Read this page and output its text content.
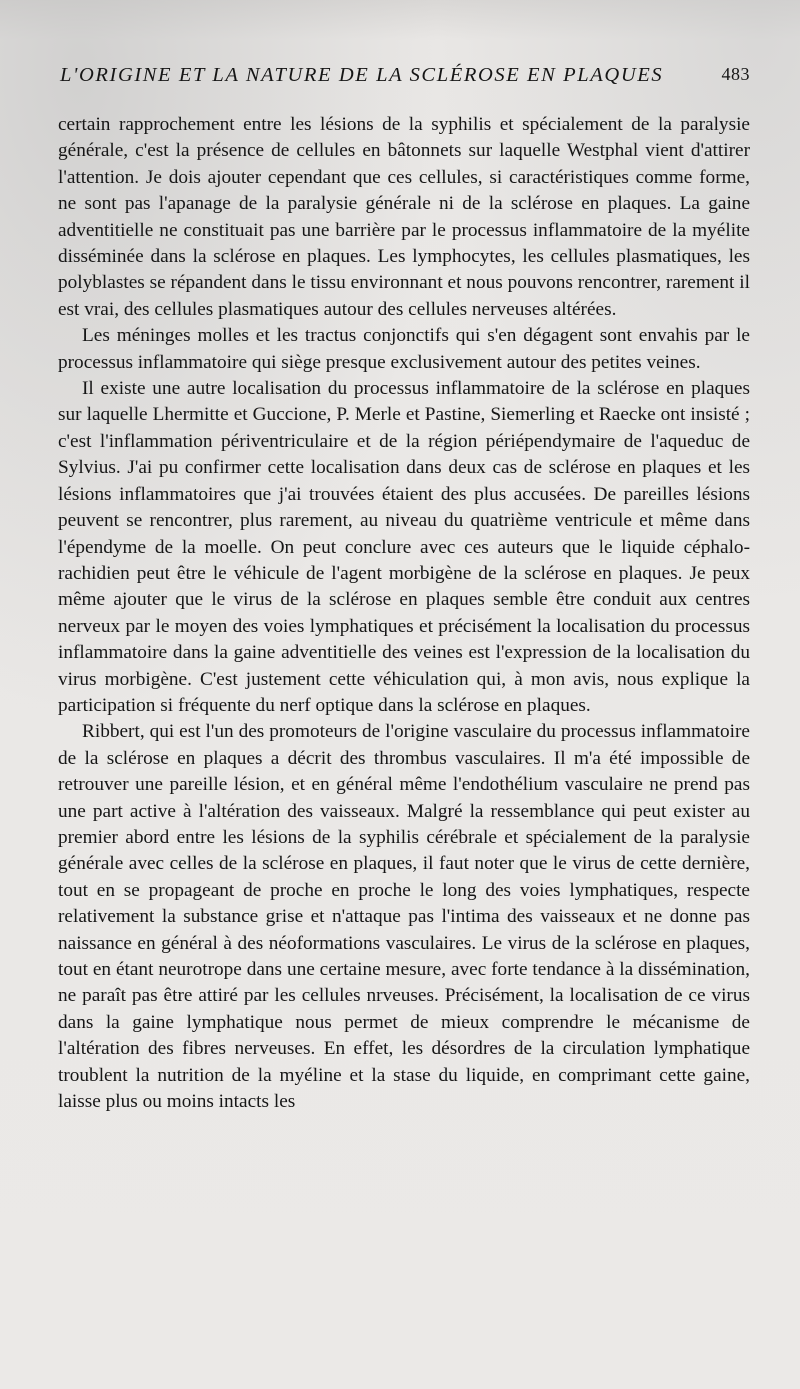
L'ORIGINE ET LA NATURE DE LA SCLÉROSE EN PLAQUES	483

certain rapprochement entre les lésions de la syphilis et spécialement de la paralysie générale, c'est la présence de cellules en bâtonnets sur laquelle Westphal vient d'attirer l'attention. Je dois ajouter cependant que ces cellules, si caractéristiques comme forme, ne sont pas l'apanage de la paralysie générale ni de la sclérose en plaques. La gaine adventitielle ne constituait pas une barrière par le processus inflammatoire de la myélite disséminée dans la sclérose en plaques. Les lymphocytes, les cellules plasmatiques, les polyblastes se répandent dans le tissu environnant et nous pouvons rencontrer, rarement il est vrai, des cellules plasmatiques autour des cellules nerveuses altérées.

Les méninges molles et les tractus conjonctifs qui s'en dégagent sont envahis par le processus inflammatoire qui siège presque exclusivement autour des petites veines.

Il existe une autre localisation du processus inflammatoire de la sclérose en plaques sur laquelle Lhermitte et Guccione, P. Merle et Pastine, Siemerling et Raecke ont insisté ; c'est l'inflammation périventriculaire et de la région périépendymaire de l'aqueduc de Sylvius. J'ai pu confirmer cette localisation dans deux cas de sclérose en plaques et les lésions inflammatoires que j'ai trouvées étaient des plus accusées. De pareilles lésions peuvent se rencontrer, plus rarement, au niveau du quatrième ventricule et même dans l'épendyme de la moelle. On peut conclure avec ces auteurs que le liquide céphalo-rachidien peut être le véhicule de l'agent morbigène de la sclérose en plaques. Je peux même ajouter que le virus de la sclérose en plaques semble être conduit aux centres nerveux par le moyen des voies lymphatiques et précisément la localisation du processus inflammatoire dans la gaine adventitielle des veines est l'expression de la localisation du virus morbigène. C'est justement cette véhiculation qui, à mon avis, nous explique la participation si fréquente du nerf optique dans la sclérose en plaques.

Ribbert, qui est l'un des promoteurs de l'origine vasculaire du processus inflammatoire de la sclérose en plaques a décrit des thrombus vasculaires. Il m'a été impossible de retrouver une pareille lésion, et en général même l'endothélium vasculaire ne prend pas une part active à l'altération des vaisseaux. Malgré la ressemblance qui peut exister au premier abord entre les lésions de la syphilis cérébrale et spécialement de la paralysie générale avec celles de la sclérose en plaques, il faut noter que le virus de cette dernière, tout en se propageant de proche en proche le long des voies lymphatiques, respecte relativement la substance grise et n'attaque pas l'intima des vaisseaux et ne donne pas naissance en général à des néoformations vasculaires. Le virus de la sclérose en plaques, tout en étant neurotrope dans une certaine mesure, avec forte tendance à la dissémination, ne paraît pas être attiré par les cellules nrveuses. Précisément, la localisation de ce virus dans la gaine lymphatique nous permet de mieux comprendre le mécanisme de l'altération des fibres nerveuses. En effet, les désordres de la circulation lymphatique troublent la nutrition de la myéline et la stase du liquide, en comprimant cette gaine, laisse plus ou moins intacts les
